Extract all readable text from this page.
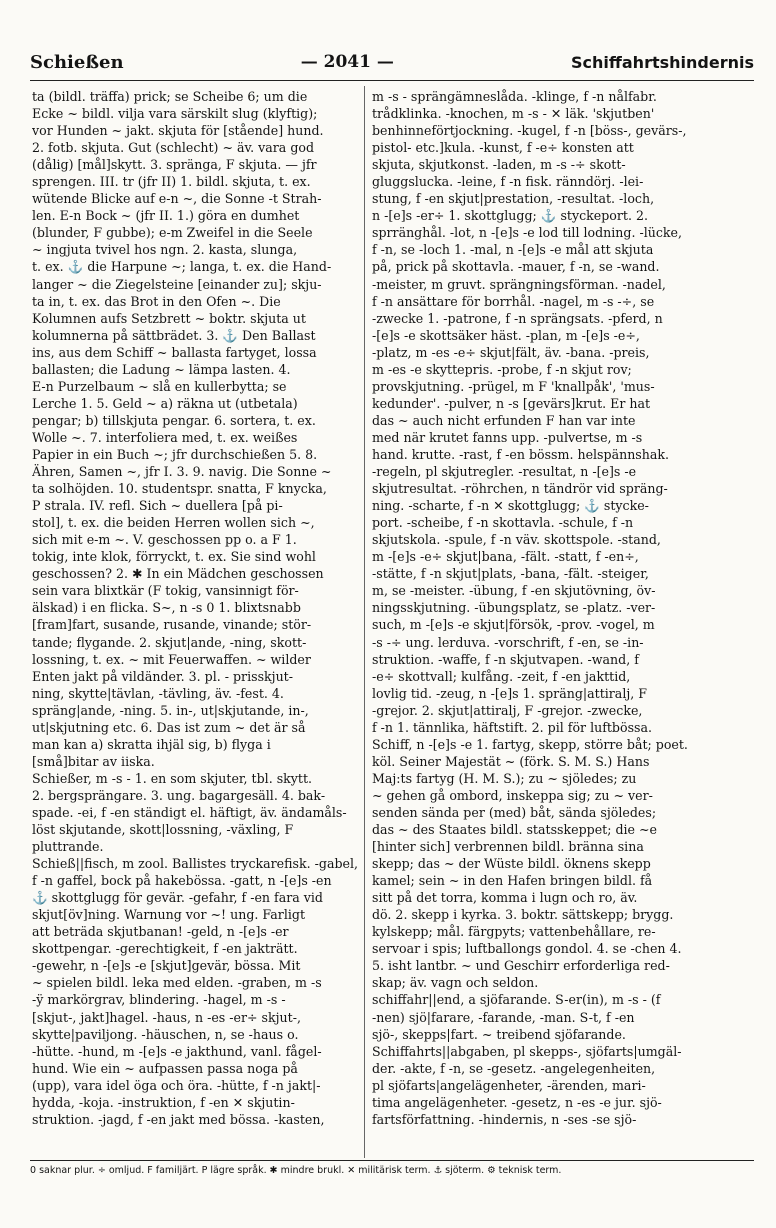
Schießen	— 2041 —	Schiffahrtshindernis
ta (bildl. träffa) prick; se Scheibe 6; um die
Ecke ~ bildl. vilja vara särskilt slug (klyftig);
vor Hunden ~ jakt. skjuta för [stående] hund.
2. fotb. skjuta. Gut (schlecht) ~ äv. vara god
(dålig) [mål]skytt. 3. spränga, F skjuta. — jfr
sprengen. III. tr (jfr II) 1. bildl. skjuta, t. ex.
wütende Blicke auf e-n ~, die Sonne -t Strah-
len. E-n Bock ~ (jfr II. 1.) göra en dumhet
(blunder, F gubbe); e-m Zweifel in die Seele
~ ingjuta tvivel hos ngn. 2. kasta, slunga,
t. ex. ⚓ die Harpune ~; langa, t. ex. die Hand-
langer ~ die Ziegelsteine [einander zu]; skju-
ta in, t. ex. das Brot in den Ofen ~. Die
Kolumnen aufs Setzbrett ~ boktr. skjuta ut
kolumnerna på sättbrädet. 3. ⚓ Den Ballast
ins, aus dem Schiff ~ ballasta fartyget, lossa
ballasten; die Ladung ~ lämpa lasten. 4.
E-n Purzelbaum ~ slå en kullerbytta; se
Lerche 1. 5. Geld ~ a) räkna ut (utbetala)
pengar; b) tillskjuta pengar. 6. sortera, t. ex.
Wolle ~. 7. interfoliera med, t. ex. weißes
Papier in ein Buch ~; jfr durchschießen 5. 8.
Ähren, Samen ~, jfr I. 3. 9. navig. Die Sonne ~
ta solhöjden. 10. studentspr. snatta, F knycka,
P strala. IV. refl. Sich ~ duellera [på pi-
stol], t. ex. die beiden Herren wollen sich ~,
sich mit e-m ~. V. geschossen pp o. a F 1.
tokig, inte klok, förryckt, t. ex. Sie sind wohl
geschossen? 2. ✱ In ein Mädchen geschossen
sein vara blixtkär (F tokig, vansinnigt för-
älskad) i en flicka. S~, n -s 0 1. blixtsnabb
[fram]fart, susande, rusande, vinande; stör-
tande; flygande. 2. skjut|ande, -ning, skott-
lossning, t. ex. ~ mit Feuerwaffen. ~ wilder
Enten jakt på vildänder. 3. pl. - prisskjut-
ning, skytte|tävlan, -tävling, äv. -fest. 4.
spräng|ande, -ning. 5. in-, ut|skjutande, in-,
ut|skjutning etc. 6. Das ist zum ~ det är så
man kan a) skratta ihjäl sig, b) flyga i
[små]bitar av iiska.
Schießer, m -s - 1. en som skjuter, tbl. skytt.
2. bergsprängare. 3. ung. bagargesäll. 4. bak-
spade. -ei, f -en ständigt el. häftigt, äv. ändamåls-
löst skjutande, skott|lossning, -växling, F
pluttrande.
Schieß||fisch, m zool. Ballistes tryckarefisk. -gabel,
f -n gaffel, bock på hakebössa. -gatt, n -[e]s -en
⚓ skottglugg för gevär. -gefahr, f -en fara vid
skjut[öv]ning. Warnung vor ~! ung. Farligt
att beträda skjutbanan! -geld, n -[e]s -er
skottpengar. -gerechtigkeit, f -en jakträtt.
-gewehr, n -[e]s -e [skjut]gevär, bössa. Mit
~ spielen bildl. leka med elden. -graben, m -s
-ÿ markörgrav, blindering. -hagel, m -s -
[skjut-, jakt]hagel. -haus, n -es -er÷ skjut-,
skytte|paviljong. -häuschen, n, se -haus o.
-hütte. -hund, m -[e]s -e jakthund, vanl. fågel-
hund. Wie ein ~ aufpassen passa noga på
(upp), vara idel öga och öra. -hütte, f -n jakt|-
hydda, -koja. -instruktion, f -en ✕ skjutin-
struktion. -jagd, f -en jakt med bössa. -kasten,
m -s - sprängämneslåda. -klinge, f -n nålfabr.
trådklinka. -knochen, m -s - ✕ läk. 'skjutben'
benhinneförtjockning. -kugel, f -n [böss-, gevärs-,
pistol- etc.]kula. -kunst, f -e÷ konsten att
skjuta, skjutkonst. -laden, m -s -÷ skott-
gluggslucka. -leine, f -n fisk. ränndörj. -lei-
stung, f -en skjut|prestation, -resultat. -loch,
n -[e]s -er÷ 1. skottglugg; ⚓ styckeport. 2.
sprränghål. -lot, n -[e]s -e lod till lodning. -lücke,
f -n, se -loch 1. -mal, n -[e]s -e mål att skjuta
på, prick på skottavla. -mauer, f -n, se -wand.
-meister, m gruvt. sprängningsförman. -nadel,
f -n ansättare för borrhål. -nagel, m -s -÷, se
-zwecke 1. -patrone, f -n sprängsats. -pferd, n
-[e]s -e skottsäker häst. -plan, m -[e]s -e÷,
-platz, m -es -e÷ skjut|fält, äv. -bana. -preis,
m -es -e skyttepris. -probe, f -n skjut rov;
provskjutning. -prügel, m F 'knallpåk', 'mus-
kedunder'. -pulver, n -s [gevärs]krut. Er hat
das ~ auch nicht erfunden F han var inte
med när krutet fanns upp. -pulvertse, m -s
hand. krutte. -rast, f -en bössm. helspännshak.
-regeln, pl skjutregler. -resultat, n -[e]s -e
skjutresultat. -röhrchen, n tändrör vid spräng-
ning. -scharte, f -n ✕ skottglugg; ⚓ stycke-
port. -scheibe, f -n skottavla. -schule, f -n
skjutskola. -spule, f -n väv. skottspole. -stand,
m -[e]s -e÷ skjut|bana, -fält. -statt, f -en÷,
-stätte, f -n skjut|plats, -bana, -fält. -steiger,
m, se -meister. -übung, f -en skjutövning, öv-
ningsskjutning. -übungsplatz, se -platz. -ver-
such, m -[e]s -e skjut|försök, -prov. -vogel, m
-s -÷ ung. lerduva. -vorschrift, f -en, se -in-
struktion. -waffe, f -n skjutvapen. -wand, f
-e÷ skottvall; kulfång. -zeit, f -en jakttid,
lovlig tid. -zeug, n -[e]s 1. spräng|attiralj, F
-grejor. 2. skjut|attiralj, F -grejor. -zwecke,
f -n 1. tännlika, häftstift. 2. pil för luftbössa.
Schiff, n -[e]s -e 1. fartyg, skepp, större båt; poet.
köl. Seiner Majestät ~ (förk. S. M. S.) Hans
Maj:ts fartyg (H. M. S.); zu ~ sjöledes; zu
~ gehen gå ombord, inskeppa sig; zu ~ ver-
senden sända per (med) båt, sända sjöledes;
das ~ des Staates bildl. statsskeppet; die ~e
[hinter sich] verbrennen bildl. bränna sina
skepp; das ~ der Wüste bildl. öknens skepp
kamel; sein ~ in den Hafen bringen bildl. få
sitt på det torra, komma i lugn och ro, äv.
dö. 2. skepp i kyrka. 3. boktr. sättskepp; brygg.
kylskepp; mål. färgpyts; vattenbehållare, re-
servoar i spis; luftballongs gondol. 4. se -chen 4.
5. isht lantbr. ~ und Geschirr erforderliga red-
skap; äv. vagn och seldon.
schiffahr||end, a sjöfarande. S-er(in), m -s - (f
-nen) sjö|farare, -farande, -man. S-t, f -en
sjö-, skepps|fart. ~ treibend sjöfarande.
Schiffahrts||abgaben, pl skepps-, sjöfarts|umgäl-
der. -akte, f -n, se -gesetz. -angelegenheiten,
pl sjöfarts|angelägenheter, -ärenden, mari-
tima angelägenheter. -gesetz, n -es -e jur. sjö-
fartsförfattning. -hindernis, n -ses -se sjö-
0 saknar plur. ÷ omljud. F familjärt. P lägre språk. ✱ mindre brukl. ✕ militärisk term. ⚓ sjöterm. ⚙ teknisk term.
